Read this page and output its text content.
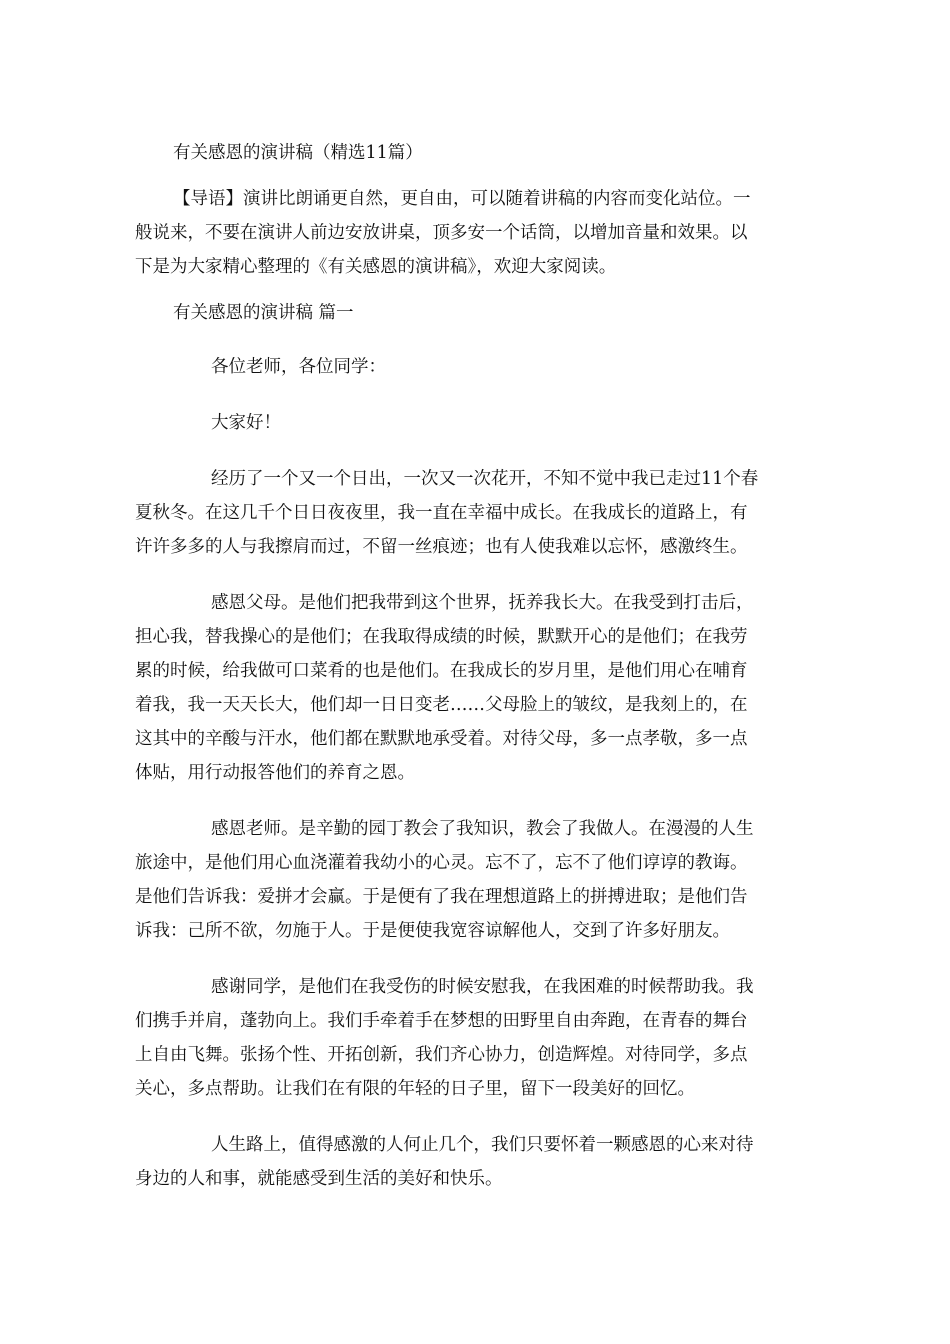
有关感恩的演讲稿（精选11篇）
【导语】演讲比朗诵更自然，更自由，可以随着讲稿的内容而变化站位。一
般说来，不要在演讲人前边安放讲桌，顶多安一个话筒，以增加音量和效果。以
下是为大家精心整理的《有关感恩的演讲稿》，欢迎大家阅读。
有关感恩的演讲稿 篇一
各位老师，各位同学：
大家好！
经历了一个又一个日出，一次又一次花开，不知不觉中我已走过11个春
夏秋冬。在这几千个日日夜夜里，我一直在幸福中成长。在我成长的道路上，有
许许多多的人与我擦肩而过，不留一丝痕迹；也有人使我难以忘怀，感激终生。
感恩父母。是他们把我带到这个世界，抚养我长大。在我受到打击后，
担心我，替我操心的是他们；在我取得成绩的时候，默默开心的是他们；在我劳
累的时候，给我做可口菜肴的也是他们。在我成长的岁月里，是他们用心在哺育
着我，我一天天长大，他们却一日日变老……父母脸上的皱纹，是我刻上的，在
这其中的辛酸与汗水，他们都在默默地承受着。对待父母，多一点孝敬，多一点
体贴，用行动报答他们的养育之恩。
感恩老师。是辛勤的园丁教会了我知识，教会了我做人。在漫漫的人生
旅途中，是他们用心血浇灌着我幼小的心灵。忘不了，忘不了他们谆谆的教诲。
是他们告诉我：爱拼才会赢。于是便有了我在理想道路上的拼搏进取；是他们告
诉我：己所不欲，勿施于人。于是便使我宽容谅解他人，交到了许多好朋友。
感谢同学，是他们在我受伤的时候安慰我，在我困难的时候帮助我。我
们携手并肩，蓬勃向上。我们手牵着手在梦想的田野里自由奔跑，在青春的舞台
上自由飞舞。张扬个性、开拓创新，我们齐心协力，创造辉煌。对待同学，多点
关心，多点帮助。让我们在有限的年轻的日子里，留下一段美好的回忆。
人生路上，值得感激的人何止几个，我们只要怀着一颗感恩的心来对待
身边的人和事，就能感受到生活的美好和快乐。
